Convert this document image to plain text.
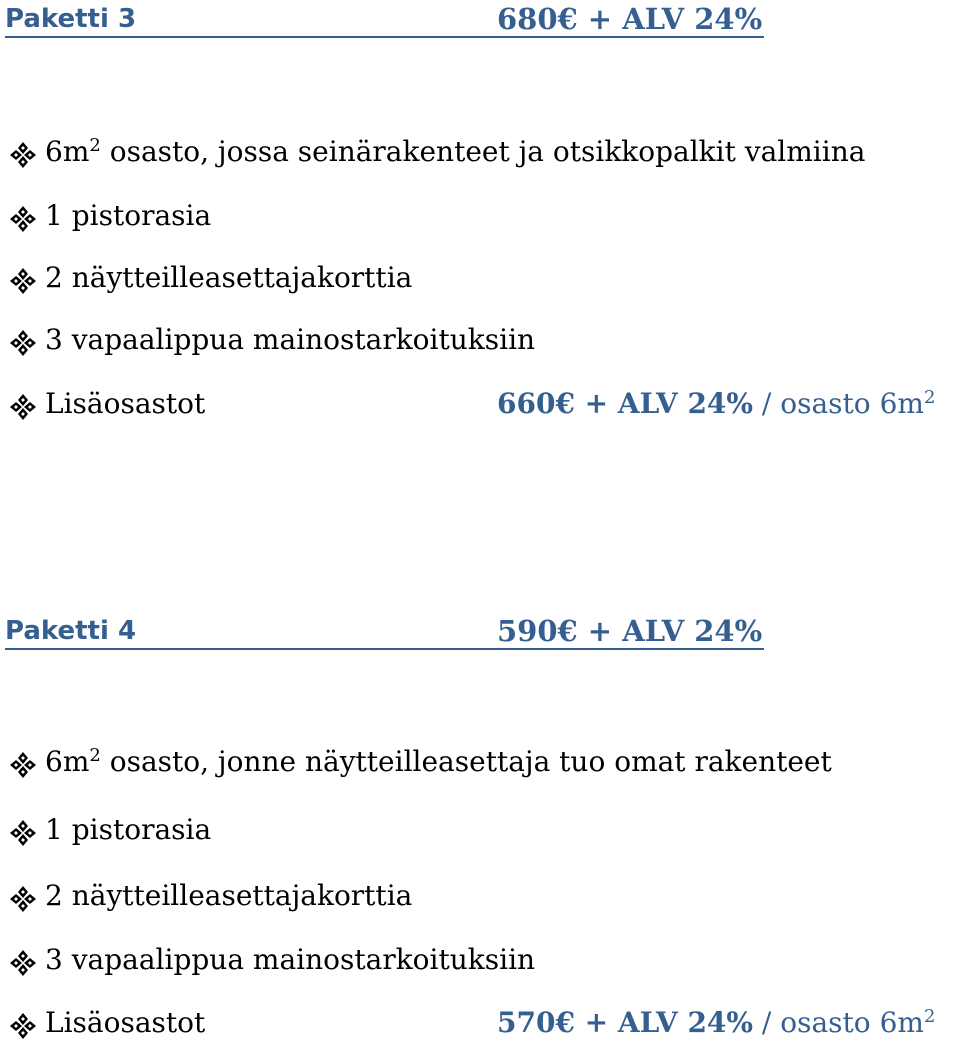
Paketti 3	680€ + ALV 24%
$6m^2$ osasto, jossa seinärakenteet ja otsikkopalkit valmiina
1 pistorasia
2 näytteilleasettajakorttia
3 vapaalippua mainostarkoituksiin
Lisäosastot	660€ + ALV 24% / osasto $6m^2$
Paketti 4	590€ + ALV 24%
$6m^2$ osasto, jonne näytteilleasettaja tuo omat rakenteet
1 pistorasia
2 näytteilleasettajakorttia
3 vapaalippua mainostarkoituksiin
Lisäosastot	570€ + ALV 24% / osasto $6m^2$
